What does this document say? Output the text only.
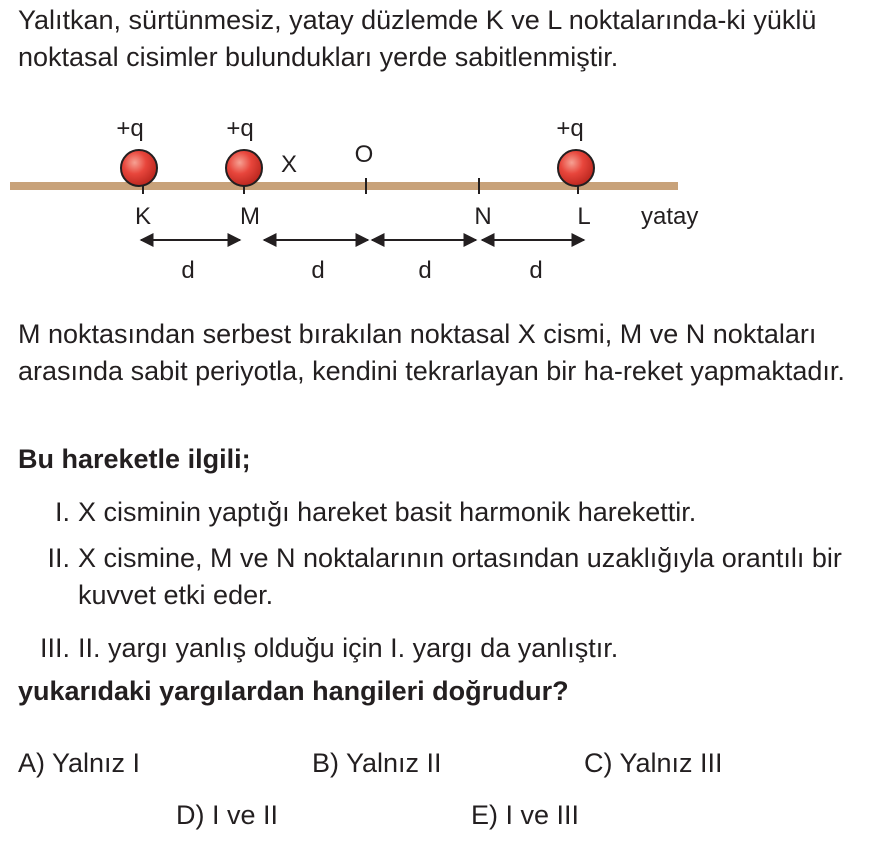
Yalıtkan, sürtünmesiz, yatay düzlemde K ve L noktalarında-ki yüklü noktasal cisimler bulundukları yerde sabitlenmiştir.

+q	+q	+q
X O
K	M	N	L yatay
d	d	d	d

M noktasından serbest bırakılan noktasal X cismi, M ve N noktaları arasında sabit periyotla, kendini tekrarlayan bir ha-reket yapmaktadır.

Bu hareketle ilgili;

I. X cisminin yaptığı hareket basit harmonik harekettir.
II. X cismine, M ve N noktalarının ortasından uzaklığıyla orantılı bir kuvvet etki eder.
III. II. yargı yanlış olduğu için I. yargı da yanlıştır.

yukarıdaki yargılardan hangileri doğrudur?

A) Yalnız I	B) Yalnız II	C) Yalnız III
D) I ve II	E) I ve III
